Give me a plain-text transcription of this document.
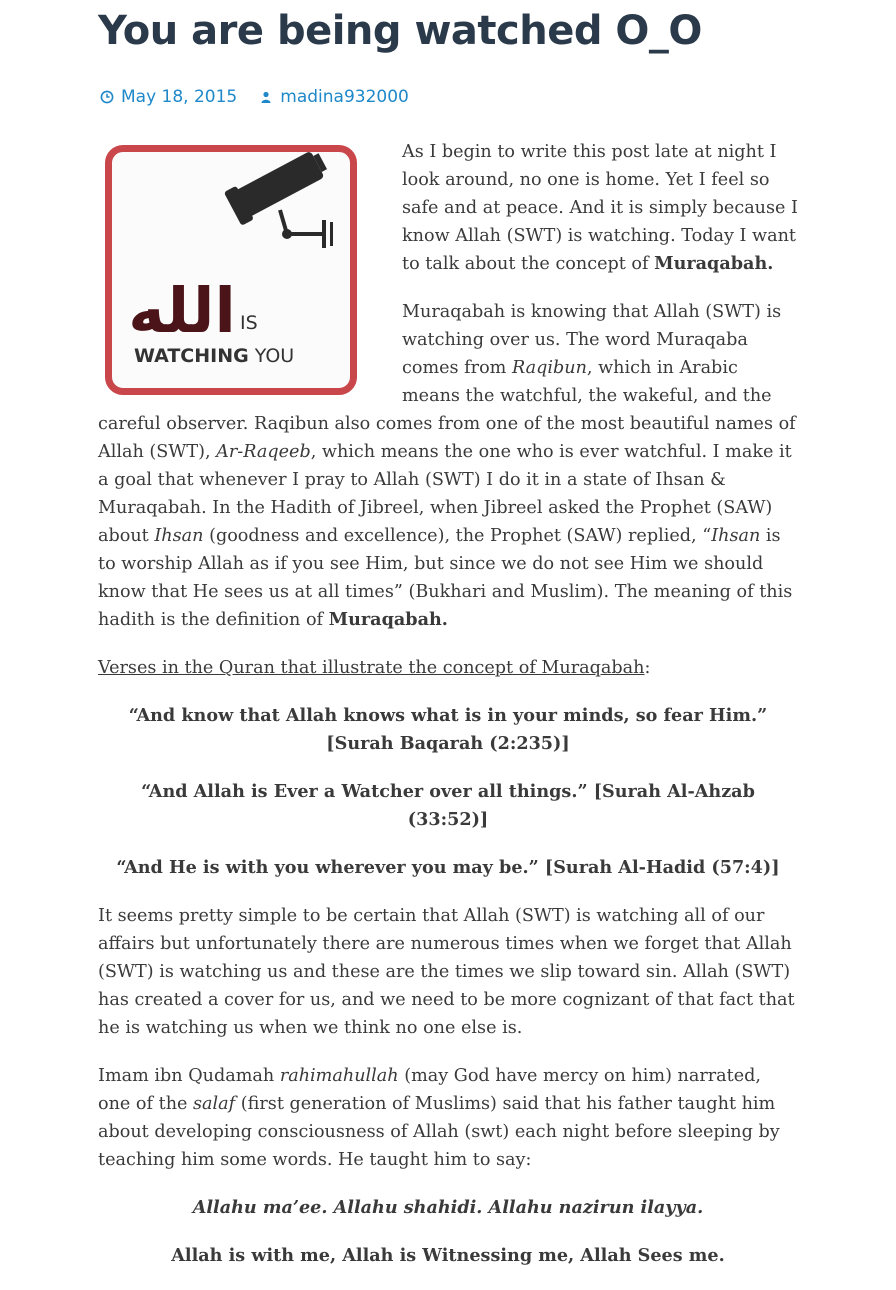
You are being watched O_O
May 18, 2015	madina932000
الله IS
WATCHING YOU

As I begin to write this post late at night I look around, no one is home. Yet I feel so safe and at peace. And it is simply because I know Allah (SWT) is watching. Today I want to talk about the concept of Muraqabah.

Muraqabah is knowing that Allah (SWT) is watching over us. The word Muraqaba comes from Raqibun, which in Arabic means the watchful, the wakeful, and the careful observer. Raqibun also comes from one of the most beautiful names of Allah (SWT), Ar-Raqeeb, which means the one who is ever watchful. I make it a goal that whenever I pray to Allah (SWT) I do it in a state of Ihsan & Muraqabah. In the Hadith of Jibreel, when Jibreel asked the Prophet (SAW) about Ihsan (goodness and excellence), the Prophet (SAW) replied, “Ihsan is to worship Allah as if you see Him, but since we do not see Him we should know that He sees us at all times” (Bukhari and Muslim). The meaning of this hadith is the definition of Muraqabah.

Verses in the Quran that illustrate the concept of Muraqabah:

“And know that Allah knows what is in your minds, so fear Him.” [Surah Baqarah (2:235)]

“And Allah is Ever a Watcher over all things.” [Surah Al-Ahzab (33:52)]

“And He is with you wherever you may be.” [Surah Al-Hadid (57:4)]

It seems pretty simple to be certain that Allah (SWT) is watching all of our affairs but unfortunately there are numerous times when we forget that Allah (SWT) is watching us and these are the times we slip toward sin. Allah (SWT) has created a cover for us, and we need to be more cognizant of that fact that he is watching us when we think no one else is.

Imam ibn Qudamah rahimahullah (may God have mercy on him) narrated, one of the salaf (first generation of Muslims) said that his father taught him about developing consciousness of Allah (swt) each night before sleeping by teaching him some words. He taught him to say:

Allahu ma’ee. Allahu shahidi. Allahu nazirun ilayya.

Allah is with me, Allah is Witnessing me, Allah Sees me.
